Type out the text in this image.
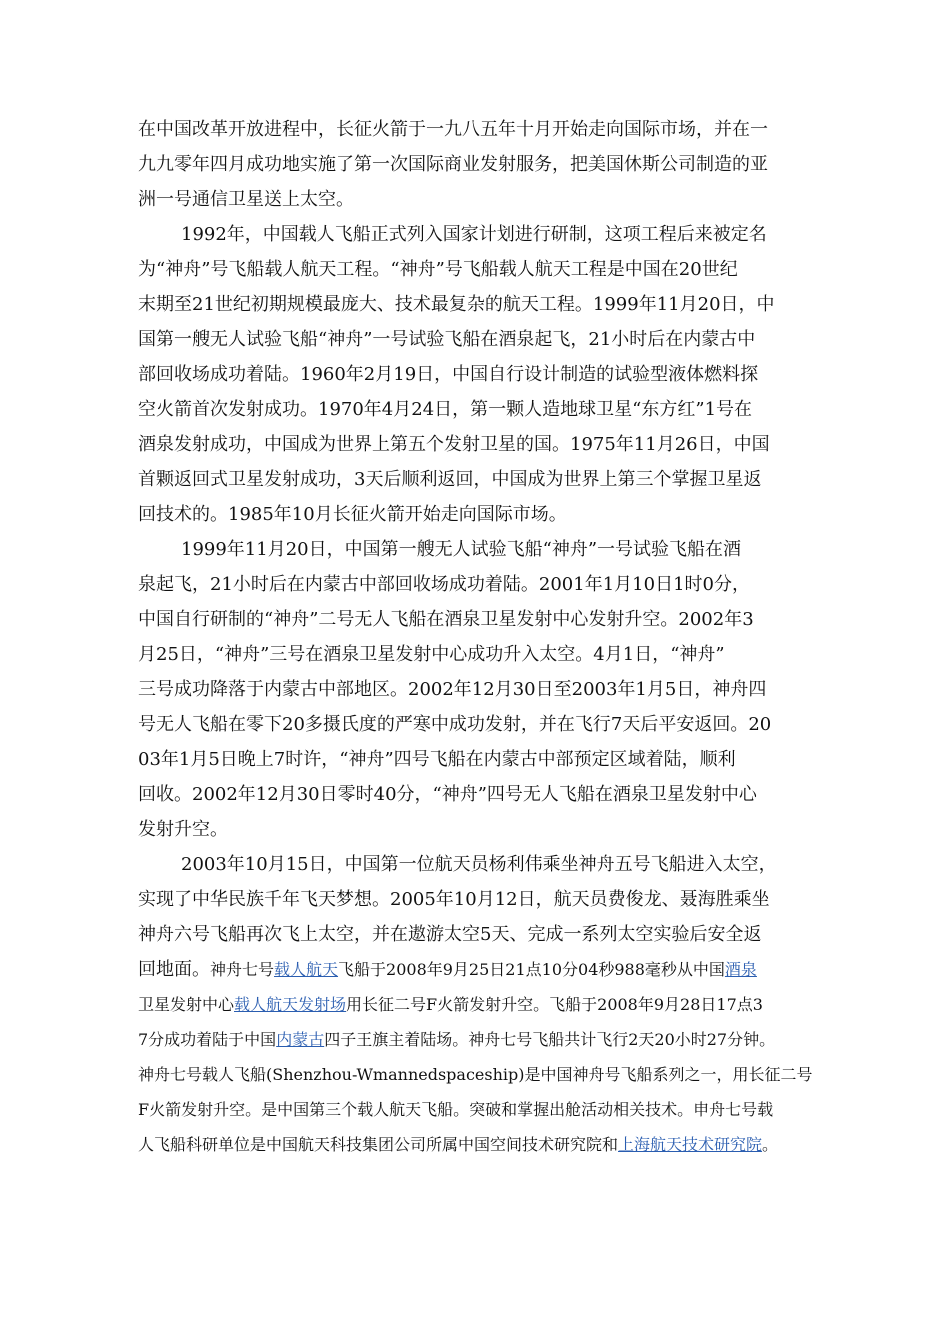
在中国改革开放进程中，长征火箭于一九八五年十月开始走向国际市场，并在一
九九零年四月成功地实施了第一次国际商业发射服务，把美国休斯公司制造的亚
洲一号通信卫星送上太空。

1992年，中国载人飞船正式列入国家计划进行研制，这项工程后来被定名
为“神舟”号飞船载人航天工程。“神舟”号飞船载人航天工程是中国在20世纪
末期至21世纪初期规模最庞大、技术最复杂的航天工程。1999年11月20日，中
国第一艘无人试验飞船“神舟”一号试验飞船在酒泉起飞，21小时后在内蒙古中
部回收场成功着陆。1960年2月19日，中国自行设计制造的试验型液体燃料探
空火箭首次发射成功。1970年4月24日，第一颗人造地球卫星“东方红”1号在
酒泉发射成功，中国成为世界上第五个发射卫星的国。1975年11月26日，中国
首颗返回式卫星发射成功，3天后顺利返回，中国成为世界上第三个掌握卫星返
回技术的。1985年10月长征火箭开始走向国际市场。

1999年11月20日，中国第一艘无人试验飞船“神舟”一号试验飞船在酒
泉起飞，21小时后在内蒙古中部回收场成功着陆。2001年1月10日1时0分，
中国自行研制的“神舟”二号无人飞船在酒泉卫星发射中心发射升空。2002年3
月25日，“神舟”三号在酒泉卫星发射中心成功升入太空。4月1日，“神舟”
三号成功降落于内蒙古中部地区。2002年12月30日至2003年1月5日，神舟四
号无人飞船在零下20多摄氏度的严寒中成功发射，并在飞行7天后平安返回。20
03年1月5日晚上7时许，“神舟”四号飞船在内蒙古中部预定区域着陆，顺利
回收。2002年12月30日零时40分，“神舟”四号无人飞船在酒泉卫星发射中心
发射升空。

2003年10月15日，中国第一位航天员杨利伟乘坐神舟五号飞船进入太空，
实现了中华民族千年飞天梦想。2005年10月12日，航天员费俊龙、聂海胜乘坐
神舟六号飞船再次飞上太空，并在遨游太空5天、完成一系列太空实验后安全返
回地面。神舟七号载人航天飞船于2008年9月25日21点10分04秒988毫秒从中国酒泉
卫星发射中心载人航天发射场用长征二号F火箭发射升空。飞船于2008年9月28日17点3
7分成功着陆于中国内蒙古四子王旗主着陆场。神舟七号飞船共计飞行2天20小时27分钟。
神舟七号载人飞船(Shenzhou-Wmannedspaceship)是中国神舟号飞船系列之一，用长征二号
F火箭发射升空。是中国第三个载人航天飞船。突破和掌握出舱活动相关技术。申舟七号载
人飞船科研单位是中国航天科技集团公司所属中国空间技术研究院和上海航天技术研究院。
